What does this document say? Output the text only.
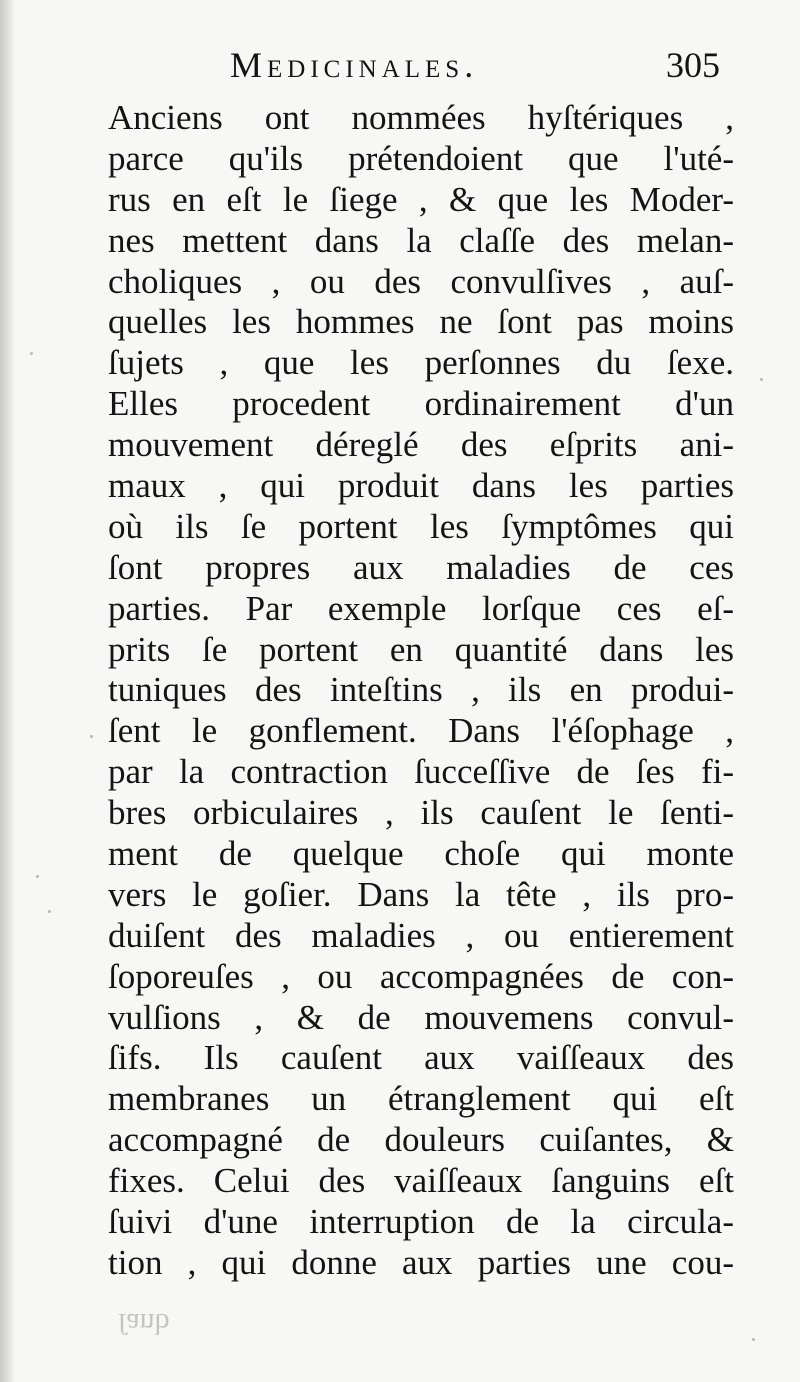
Medicinales.	305
Anciens ont nommées hyſtériques ,
parce qu'ils prétendoient que l'uté-
rus en eſt le ſiege , & que les Moder-
nes mettent dans la claſſe des melan-
choliques , ou des convulſives , auſ-
quelles les hommes ne ſont pas moins
ſujets , que les perſonnes du ſexe.
Elles procedent ordinairement d'un
mouvement déreglé des eſprits ani-
maux , qui produit dans les parties
où ils ſe portent les ſymptômes qui
ſont propres aux maladies de ces
parties. Par exemple lorſque ces eſ-
prits ſe portent en quantité dans les
tuniques des inteſtins , ils en produi-
ſent le gonflement. Dans l'éſophage ,
par la contraction ſucceſſive de ſes fi-
bres orbiculaires , ils cauſent le ſenti-
ment de quelque choſe qui monte
vers le goſier. Dans la tête , ils pro-
duiſent des maladies , ou entierement
ſoporeuſes , ou accompagnées de con-
vulſions , & de mouvemens convul-
ſifs. Ils cauſent aux vaiſſeaux des
membranes un étranglement qui eſt
accompagné de douleurs cuiſantes, &
fixes. Celui des vaiſſeaux ſanguins eſt
ſuivi d'une interruption de la circula-
tion , qui donne aux parties une cou-
ſanb
